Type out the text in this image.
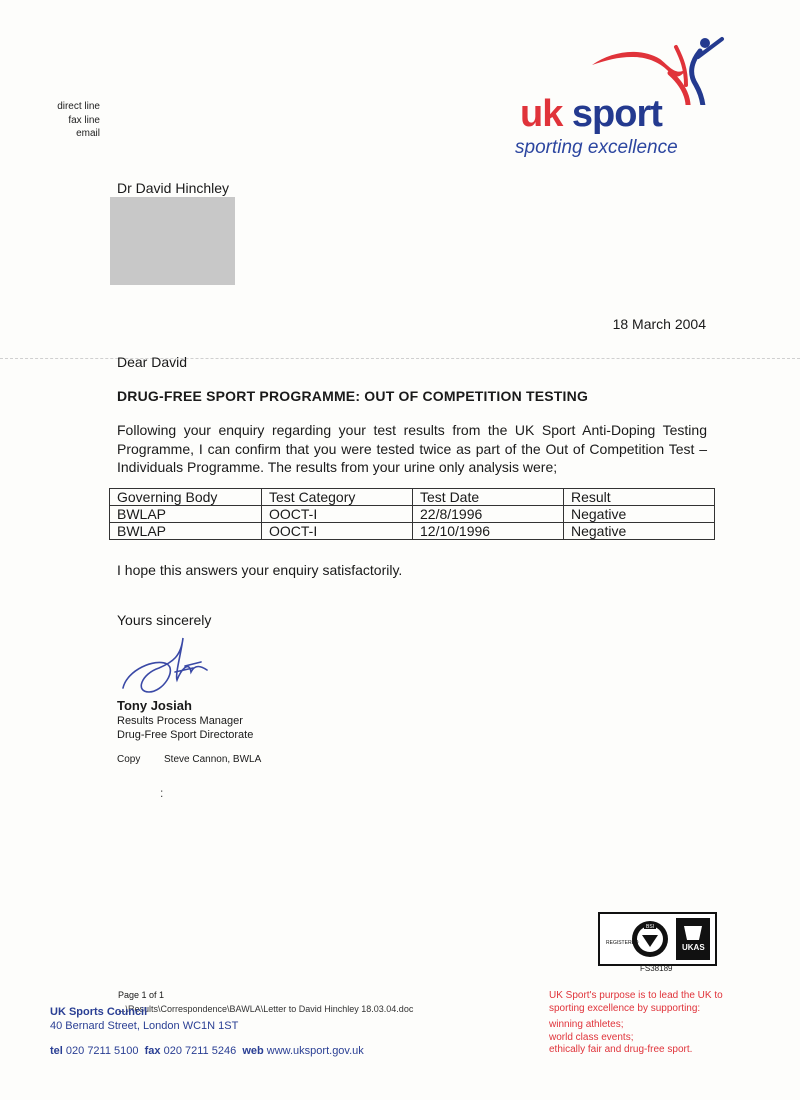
direct line
fax line
email	uk sport
sporting excellence
Dr David Hinchley
18 March 2004
Dear David
DRUG-FREE SPORT PROGRAMME: OUT OF COMPETITION TESTING
Following your enquiry regarding your test results from the UK Sport Anti-Doping Testing Programme, I can confirm that you were tested twice as part of the Out of Competition Test –Individuals Programme. The results from your urine only analysis were;
Governing Body	Test Category	Test Date	Result
BWLAP	OOCT-I	22/8/1996	Negative
BWLAP	OOCT-I	12/10/1996	Negative
I hope this answers your enquiry satisfactorily.
Yours sincerely
Tony Josiah
Results Process Manager
Drug-Free Sport Directorate
Copy Steve Cannon, BWLA
:
REGISTERED
BSI
UKAS
FS38189
Page 1 of 1
...\Results\Correspondence\BAWLA\Letter to David Hinchley 18.03.04.doc
UK Sports Council
40 Bernard Street, London WC1N 1ST
tel 020 7211 5100 fax 020 7211 5246 web www.uksport.gov.uk
UK Sport's purpose is to lead the UK to sporting excellence by supporting:
winning athletes;
world class events;
ethically fair and drug-free sport.
